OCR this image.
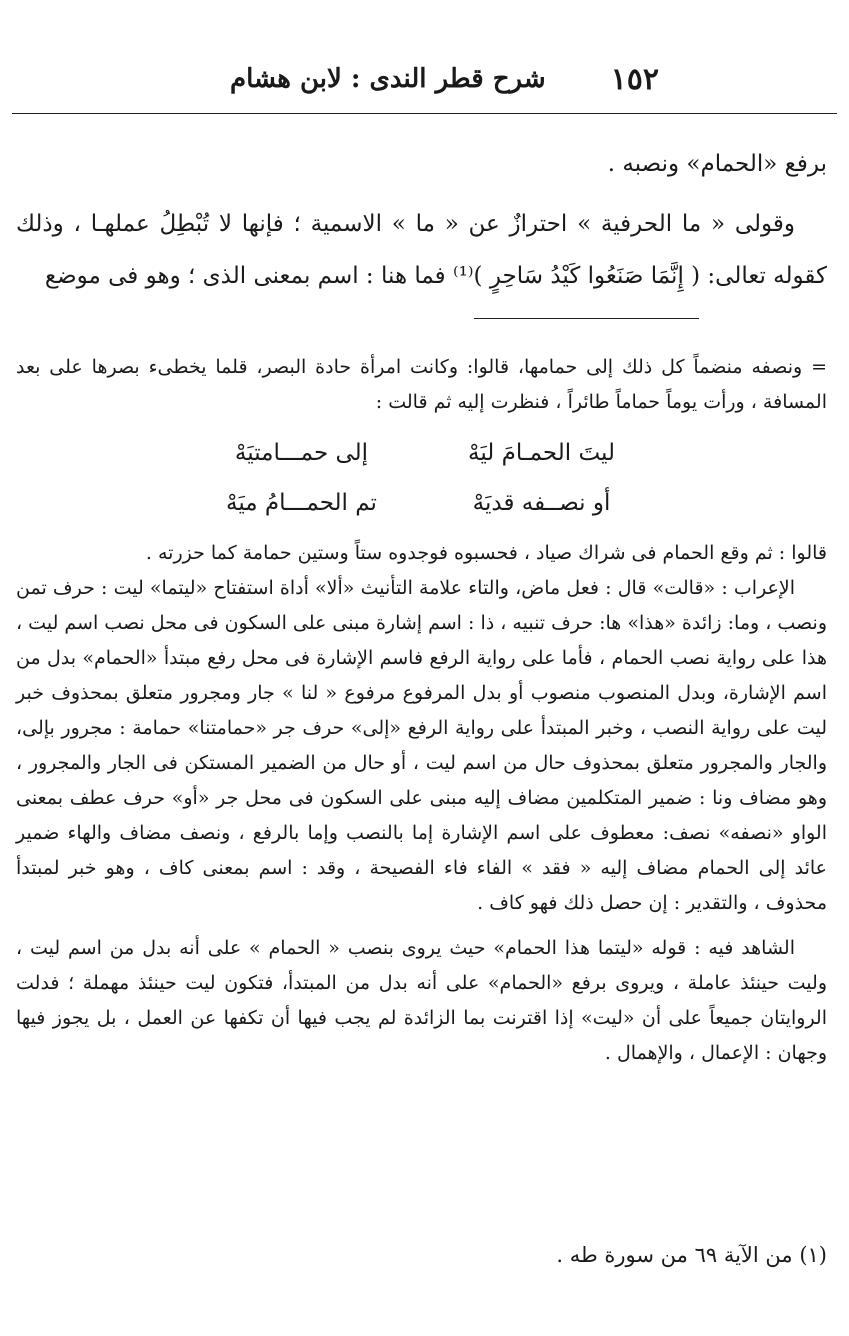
١٥٢
شرح قطر الندى : لابن هشام

برفع «الحمام» ونصبه .

وقولى « ما الحرفية » احترازٌ عن « ما » الاسمية ؛ فإنها لا تُبْطِلُ عملهـا ، وذلك كقوله تعالى: ( إِنَّمَا صَنَعُوا كَيْدُ سَاحِرٍ )⁽¹⁾ فما هنا : اسم بمعنى الذى ؛ وهو فى موضع

= ونصفه منضماً كل ذلك إلى حمامها، قالوا: وكانت امرأة حادة البصر، قلما يخطىء بصرها على بعد المسافة ، ورأت يوماً حماماً طائراً ، فنظرت إليه ثم قالت :

ليتَ الحمـامَ ليَهْ
إلى حمـــامتيَهْ
أو نصــفه قديَهْ
تم الحمـــامُ ميَهْ

قالوا : ثم وقع الحمام فى شراك صياد ، فحسبوه فوجدوه ستاً وستين حمامة كما حزرته .

الإعراب : «قالت» قال : فعل ماض، والتاء علامة التأنيث «ألا» أداة استفتاح «ليتما» ليت : حرف تمن ونصب ، وما: زائدة «هذا» ها: حرف تنبيه ، ذا : اسم إشارة مبنى على السكون فى محل نصب اسم ليت ، هذا على رواية نصب الحمام ، فأما على رواية الرفع فاسم الإشارة فى محل رفع مبتدأ «الحمام» بدل من اسم الإشارة، وبدل المنصوب منصوب أو بدل المرفوع مرفوع « لنا » جار ومجرور متعلق بمحذوف خبر ليت على رواية النصب ، وخبر المبتدأ على رواية الرفع «إلى» حرف جر «حمامتنا» حمامة : مجرور بإلى، والجار والمجرور متعلق بمحذوف حال من اسم ليت ، أو حال من الضمير المستكن فى الجار والمجرور ، وهو مضاف ونا : ضمير المتكلمين مضاف إليه مبنى على السكون فى محل جر «أو» حرف عطف بمعنى الواو «نصفه» نصف: معطوف على اسم الإشارة إما بالنصب وإما بالرفع ، ونصف مضاف والهاء ضمير عائد إلى الحمام مضاف إليه « فقد » الفاء فاء الفصيحة ، وقد : اسم بمعنى كاف ، وهو خبر لمبتدأ محذوف ، والتقدير : إن حصل ذلك فهو كاف .

الشاهد فيه : قوله «ليتما هذا الحمام» حيث يروى بنصب « الحمام » على أنه بدل من اسم ليت ، وليت حينئذ عاملة ، ويروى برفع «الحمام» على أنه بدل من المبتدأ، فتكون ليت حينئذ مهملة ؛ فدلت الروايتان جميعاً على أن «ليت» إذا اقترنت بما الزائدة لم يجب فيها أن تكفها عن العمل ، بل يجوز فيها وجهان : الإعمال ، والإهمال .

(١) من الآية ٦٩ من سورة طه .
